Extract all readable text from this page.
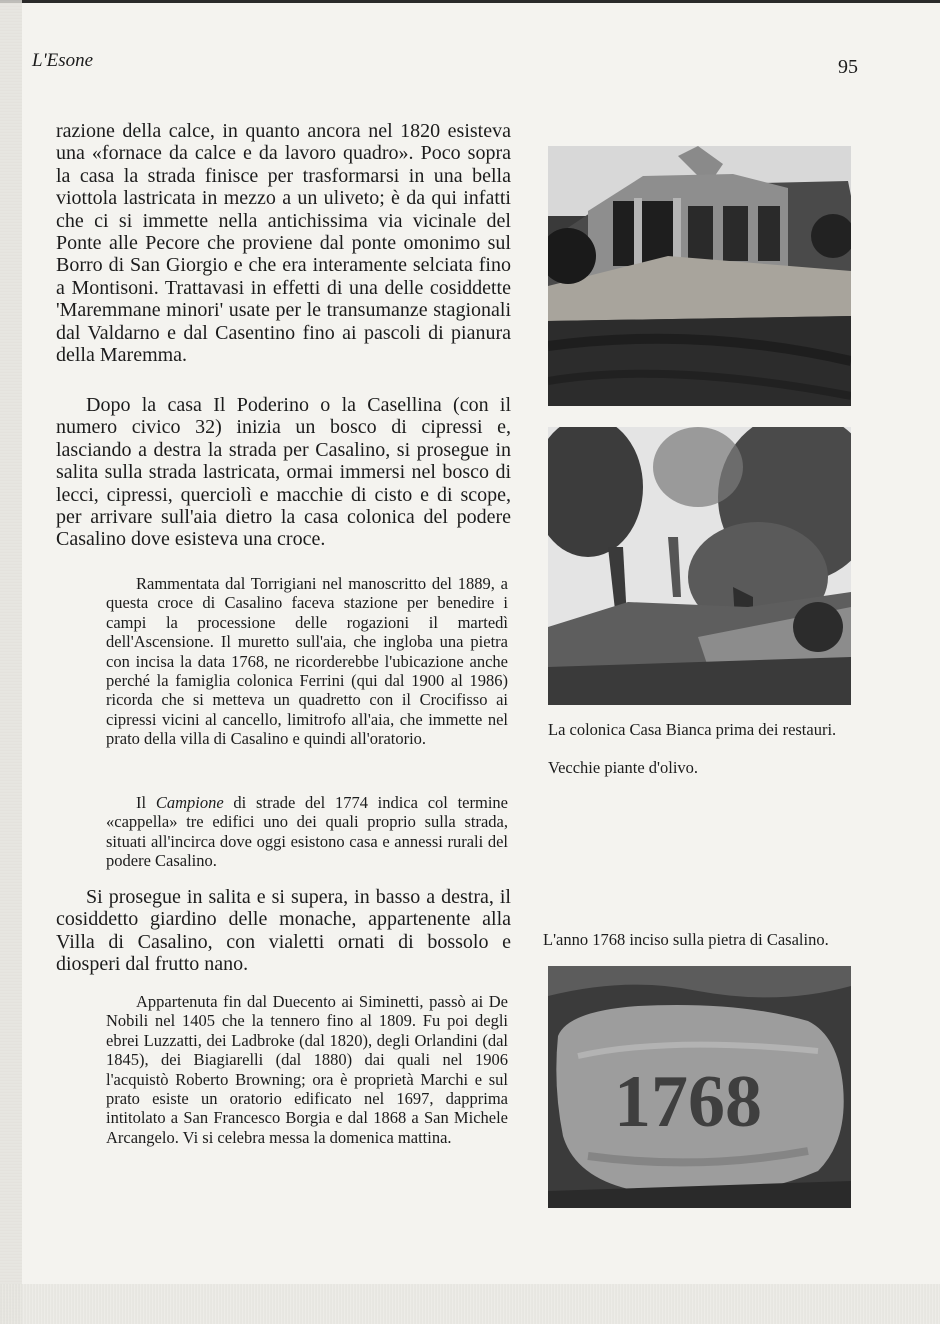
L'Esone	95

razione della calce, in quanto ancora nel 1820 esisteva una «fornace da calce e da lavoro quadro». Poco sopra la casa la strada finisce per trasformarsi in una bella viottola lastricata in mezzo a un uliveto; è da qui infatti che ci si immette nella antichissima via vicinale del Ponte alle Pecore che proviene dal ponte omonimo sul Borro di San Giorgio e che era interamente selciata fino a Montisoni. Trattavasi in effetti di una delle cosiddette 'Maremmane minori' usate per le transumanze stagionali dal Valdarno e dal Casentino fino ai pascoli di pianura della Maremma.

Dopo la casa Il Poderino o la Casellina (con il numero civico 32) inizia un bosco di cipressi e, lasciando a destra la strada per Casalino, si prosegue in salita sulla strada lastricata, ormai immersi nel bosco di lecci, cipressi, querciolì e macchie di cisto e di scope, per arrivare sull'aia dietro la casa colonica del podere Casalino dove esisteva una croce.

Rammentata dal Torrigiani nel manoscritto del 1889, a questa croce di Casalino faceva stazione per benedire i campi la processione delle rogazioni il martedì dell'Ascensione. Il muretto sull'aia, che ingloba una pietra con incisa la data 1768, ne ricorderebbe l'ubicazione anche perché la famiglia colonica Ferrini (qui dal 1900 al 1986) ricorda che si metteva un quadretto con il Crocifisso ai cipressi vicini al cancello, limitrofo all'aia, che immette nel prato della villa di Casalino e quindi all'oratorio.

Il Campione di strade del 1774 indica col termine «cappella» tre edifici uno dei quali proprio sulla strada, situati all'incirca dove oggi esistono casa e annessi rurali del podere Casalino.

Si prosegue in salita e si supera, in basso a destra, il cosiddetto giardino delle monache, appartenente alla Villa di Casalino, con vialetti ornati di bossolo e diosperi dal frutto nano.

Appartenuta fin dal Duecento ai Siminetti, passò ai De Nobili nel 1405 che la tennero fino al 1809. Fu poi degli ebrei Luzzatti, dei Ladbroke (dal 1820), degli Orlandini (dal 1845), dei Biagiarelli (dal 1880) dai quali nel 1906 l'acquistò Roberto Browning; ora è proprietà Marchi e sul prato esiste un oratorio edificato nel 1697, dapprima intitolato a San Francesco Borgia e dal 1868 a San Michele Arcangelo. Vi si celebra messa la domenica mattina.	1768

La colonica Casa Bianca prima dei restauri.

Vecchie piante d'olivo.

L'anno 1768 inciso sulla pietra di Casalino.
